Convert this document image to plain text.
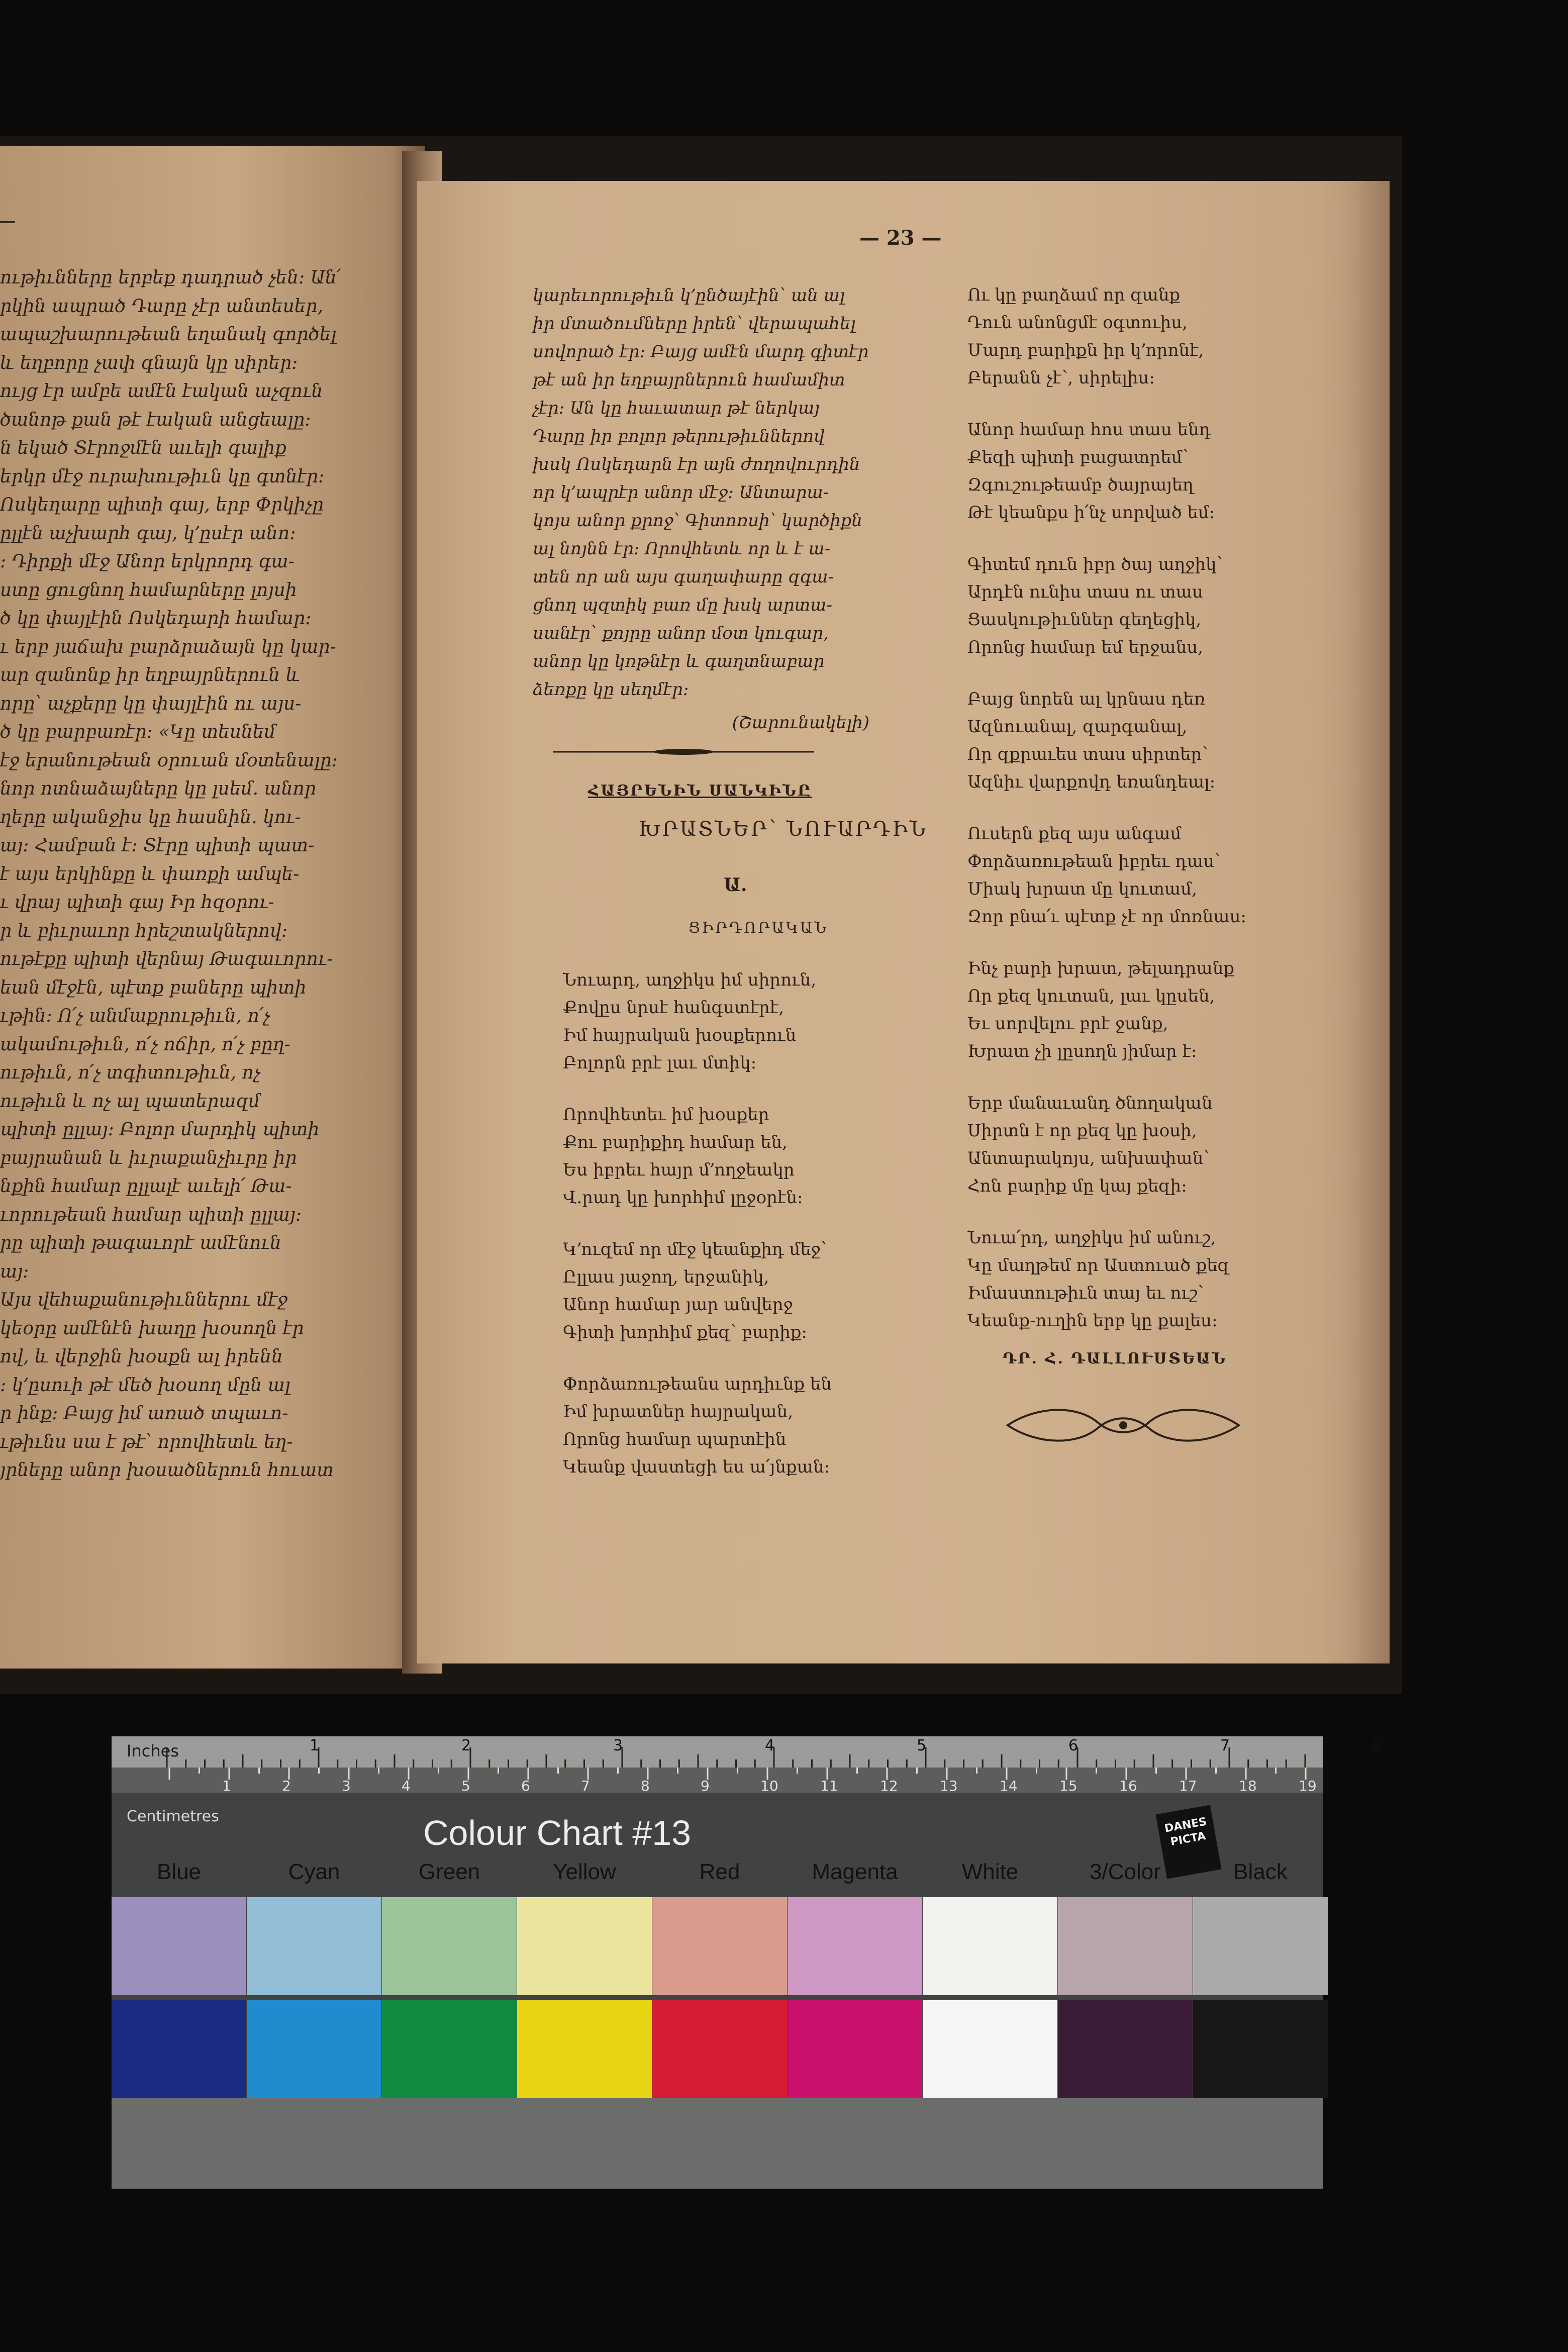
ութիւնները երբեք դադրած չեն։ Ան՛
րկին ապրած Դարը չէր անտեսեր,
ապաշխարութեան եղանակ գործել
և եղբորը չափ գնայն կը սիրեր։
ույց էր ամբե ամէն էական աչզուն
ծանոթ քան թէ էական անցեալը։
ն եկած Տէրոջմէն աւելի գալիք
երկր մէջ ուրախութիւն կը գտնէր։
Ոսկեղարը պիտի գայ, երբ Փրկիչը
ըլլէն աչխարհ գայ, կ՚ըսէր անո։
։ Դիրքի մէջ Անոր երկրորդ գա-
ստը ցուցնող համարները լոյսի
ծ կը փայլէին Ոսկեդարի համար։
ւ երբ յաճախ բարձրաձայն կը կար-
ար զանոնք իր եղբայրներուն և
որը՝ աչքերը կը փայլէին ու այս-
ծ կը բարբառէր։ «Կը տեսնեմ
էջ երանութեան օրուան մօտենալը։
նոր ոտնաձայները կը լսեմ. անոր
ղերը ականջիս կը հասնին. կու-
այ։ Համբան է։ Տէրը պիտի պատ-
է այս երկինքը և փառքի ամպե-
ւ վրայ պիտի գայ Իր հզօրու-
ր և բիւրաւոր հրեշտակներով։
ութէքը պիտի վերնայ Թագաւորու-
եան մէջէն, պէտք բաները պիտի
ւթին։ Ո՛չ անմաքրութիւն, ո՛չ
ակամութիւն, ո՛չ ոճիր, ո՛չ բըղ-
ութիւն, ո՛չ տգիտութիւն, ոչ
ութիւն և ոչ ալ պատերազմ
պիտի ըլլայ։ Բոլոր մարդիկ պիտի
բայրանան և իւրաքանչիւրը իր
նքին համար ըլլալէ աւելի՛ Թա-
ւորութեան համար պիտի ըլլայ։
րը պիտի թագաւորէ ամէնուն
այ։
Այս վեհաքանութիւններու մէջ
կեօրը ամէնէն խաղը խօսողն էր
ով, և վերջին խօսքն ալ իրենն
։ կ՚ըսուի թէ մեծ խօսող մըն ալ
ր ինք։ Բայց իմ առած տպաւո-
ւթիւնս սա է թէ՝ որովհետև եղ-
յրները անոր խօսածներուն հուատ
— 23 —
կարեւորութիւն կ՚ընծայէին՝ ան ալ
իր մտածումները իրեն՝ վերապահել
սովորած էր։ Բայց ամէն մարդ գիտէր
թէ ան իր եղբայրներուն համամիտ
չէր։ Ան կը հաւատար թէ ներկայ
Դարը իր բոլոր թերութիւններով
խսկ Ոսկեդարն էր այն ժողովուրդին
որ կ՚ապրէր անոր մէջ։ Անտարա-
կոյս անոր քրոջ՝ Գիտոռսի՝ կարծիքն
ալ նոյնն էր։ Որովհետև որ և է ա-
տեն որ ան այս գաղափարը զգա-
ցնող պզտիկ բառ մը խսկ արտա-
սանէր՝ քոյրը անոր մօտ կուգար,
անոր կը կռթնէր և գաղտնաբար
ձեռքը կը սեղմէր։
(Շարունակելի)
ՀԱՅՐԵՆԻՆ ՍԱՆԿԻՆԸ
ԽՐԱՏՆԵՐ՝ ՆՈՒԱՐԴԻՆ
Ա.
ՑԻՐԴՈՐԱԿԱՆ
Նուարդ, աղջիկս իմ սիրուն,
Քովըս նրսէ հանգստէրէ,
Իմ հայրական խօսքերուն
Բոլորն բրէ լաւ մտիկ։
Որովհետեւ իմ խօսքեր
Քու բարիքիդ համար են,
Ես իբրեւ հայր մ՚ողջեակր
Վ.րադ կը խորհիմ լըջօրէն։
Կ՚ուզեմ որ մէջ կեանքիդ մեջ՝
Ըլլաս յաջող, երջանիկ,
Անոր համար յար անվերջ
Գիտի խորհիմ քեզ՝ բարիք։
Փորձառութեանս արդիւնք են
Իմ խրատներ հայրական,
Որոնց համար պարտէին
Կեանք վաստեցի ես ա՛յնքան։
Ու կը բաղձամ որ զանք
Դուն անոնցմէ օգտուիս,
Մարդ բարիքն իր կ՚որոնէ,
Բերանն չէ՝, սիրելիս։
Անոր համար հոս տաս ենդ
Քեզի պիտի բացատրեմ՝
Զգուշութեամբ ծայրայեղ
Թէ կեանքս ի՛նչ սորված եմ։
Գիտեմ դուն իբր ծայ աղջիկ՝
Արդէն ունիս տաս ու տաս
Ցասկութիւններ գեղեցիկ,
Որոնց համար եմ երջանս,
Բայց նորեն ալ կրնաս դեռ
Ազնուանալ, զարգանալ,
Որ զքրաւես տաս սիրտեր՝
Ազնիւ վարքովդ եռանդեալ։
Ուսերն քեզ այս անգամ
Փորձառութեան իբրեւ դաս՝
Միակ խրատ մը կուտամ,
Զոր բնա՛ւ պէտք չէ որ մոռնաս։
Ինչ բարի խրատ, թելադրանք
Որ քեզ կուտան, լաւ կըսեն,
Եւ սորվելու բրէ ջանք,
Խրատ չի լըսողն յիմար է։
Երբ մանաւանդ ծնողական
Սիրտն է որ քեզ կը խօսի,
Անտարակոյս, անխափան՝
Հոն բարիք մը կայ քեզի։
Նուա՛րդ, աղջիկս իմ անուշ,
Կը մաղթեմ որ Աստուած քեզ
Իմաստութիւն տայ եւ ուշ՝
Կեանք-ուղին երբ կը քալես։
ԴՐ. Հ. ԴԱԼԼՈՒՍՏԵԱՆ
1	2	3	4	5	6	7	8
1	2	3	4	5	6	7	8	9	10	11	12	13	14	15	16	17	18	19
Inches
Centimetres	Colour Chart #13	DANES PICTA
Blue	Cyan	Green	Yellow	Red	Magenta	White	3/Color	Black
